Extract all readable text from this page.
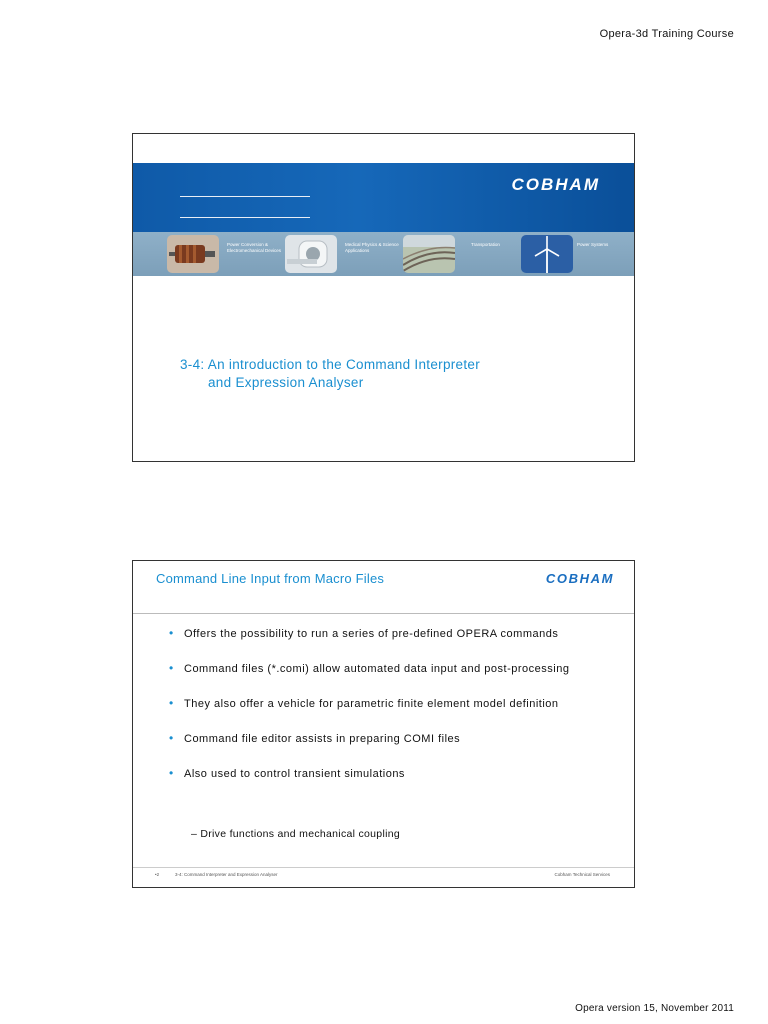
Opera-3d Training Course
COBHAM
Power Conversion & Electromechanical Devices
Medical Physics & Science Applications
Transportation	Power Systems
3-4: An introduction to the Command Interpreter
and Expression Analyser
Command Line Input from Macro Files	COBHAM
• Offers the possibility to run a series of pre-defined OPERA commands
• Command files (*.comi) allow automated data input and post-processing
• They also offer a vehicle for parametric finite element model definition
• Command file editor assists in preparing COMI files
• Also used to control transient simulations
– Drive functions and mechanical coupling
•2	3-4: Command Interpreter and Expression Analyser	Cobham Technical Services
Opera version 15, November 2011
